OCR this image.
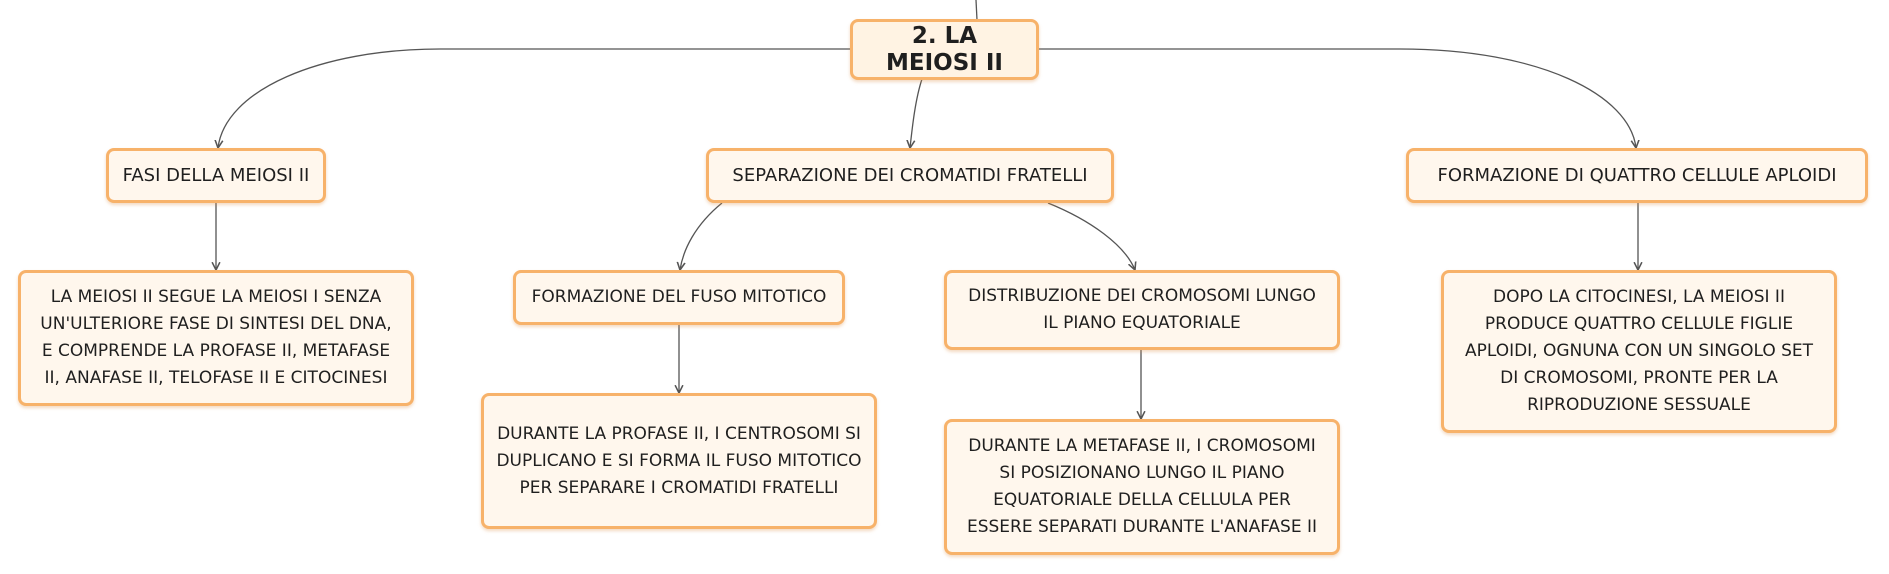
2. LA MEIOSI II
FASI DELLA MEIOSI II	SEPARAZIONE DEI CROMATIDI FRATELLI	FORMAZIONE DI QUATTRO CELLULE APLOIDI
LA MEIOSI II SEGUE LA MEIOSI I SENZA UN'ULTERIORE FASE DI SINTESI DEL DNA, E COMPRENDE LA PROFASE II, METAFASE II, ANAFASE II, TELOFASE II E CITOCINESI
FORMAZIONE DEL FUSO MITOTICO	DISTRIBUZIONE DEI CROMOSOMI LUNGO IL PIANO EQUATORIALE
DURANTE LA PROFASE II, I CENTROSOMI SI DUPLICANO E SI FORMA IL FUSO MITOTICO PER SEPARARE I CROMATIDI FRATELLI
DURANTE LA METAFASE II, I CROMOSOMI SI POSIZIONANO LUNGO IL PIANO EQUATORIALE DELLA CELLULA PER ESSERE SEPARATI DURANTE L'ANAFASE II
DOPO LA CITOCINESI, LA MEIOSI II PRODUCE QUATTRO CELLULE FIGLIE APLOIDI, OGNUNA CON UN SINGOLO SET DI CROMOSOMI, PRONTE PER LA RIPRODUZIONE SESSUALE
